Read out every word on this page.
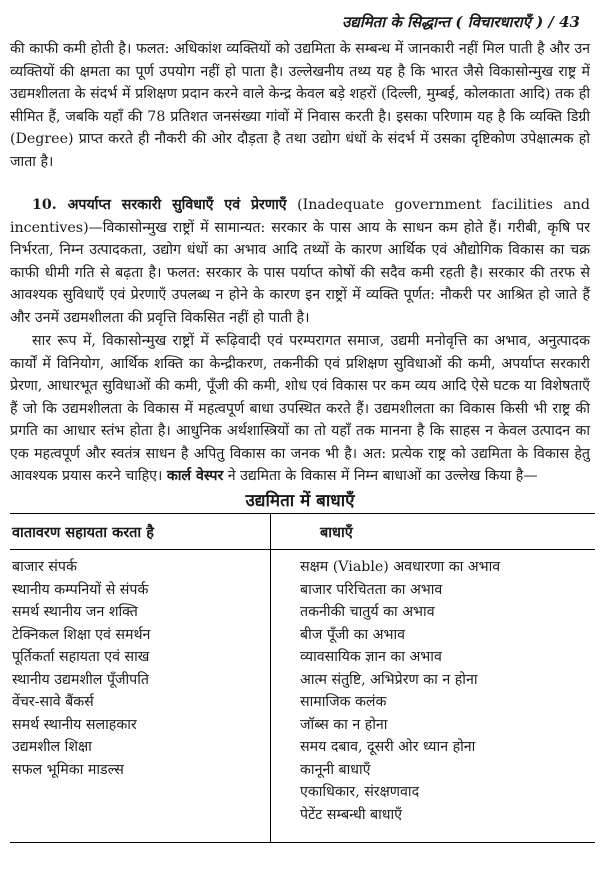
उद्यमिता के सिद्धान्त ( विचारधाराएँ ) / 43

की काफी कमी होती है। फलत: अधिकांश व्यक्तियों को उद्यमिता के सम्बन्ध में जानकारी नहीं मिल पाती है और उन व्यक्तियों की क्षमता का पूर्ण उपयोग नहीं हो पाता है। उल्लेखनीय तथ्य यह है कि भारत जैसे विकासोन्मुख राष्ट्र में उद्यमशीलता के संदर्भ में प्रशिक्षण प्रदान करने वाले केन्द्र केवल बड़े शहरों (दिल्ली, मुम्बई, कोलकाता आदि) तक ही सीमित हैं, जबकि यहाँ की 78 प्रतिशत जनसंख्या गांवों में निवास करती है। इसका परिणाम यह है कि व्यक्ति डिग्री (Degree) प्राप्त करते ही नौकरी की ओर दौड़ता है तथा उद्योग धंधों के संदर्भ में उसका दृष्टिकोण उपेक्षात्मक हो जाता है।

10. अपर्याप्त सरकारी सुविधाएँ एवं प्रेरणाएँ (Inadequate government facilities and incentives)—विकासोन्मुख राष्ट्रों में सामान्यत: सरकार के पास आय के साधन कम होते हैं। गरीबी, कृषि पर निर्भरता, निम्न उत्पादकता, उद्योग धंधों का अभाव आदि तथ्यों के कारण आर्थिक एवं औद्योगिक विकास का चक्र काफी धीमी गति से बढ़ता है। फलत: सरकार के पास पर्याप्त कोषों की सदैव कमी रहती है। सरकार की तरफ से आवश्यक सुविधाएँ एवं प्रेरणाएँ उपलब्ध न होने के कारण इन राष्ट्रों में व्यक्ति पूर्णत: नौकरी पर आश्रित हो जाते हैं और उनमें उद्यमशीलता की प्रवृत्ति विकसित नहीं हो पाती है।

सार रूप में, विकासोन्मुख राष्ट्रों में रूढ़िवादी एवं परम्परागत समाज, उद्यमी मनोवृत्ति का अभाव, अनुत्पादक कार्यों में विनियोग, आर्थिक शक्ति का केन्द्रीकरण, तकनीकी एवं प्रशिक्षण सुविधाओं की कमी, अपर्याप्त सरकारी प्रेरणा, आधारभूत सुविधाओं की कमी, पूँजी की कमी, शोध एवं विकास पर कम व्यय आदि ऐसे घटक या विशेषताएँ हैं जो कि उद्यमशीलता के विकास में महत्वपूर्ण बाधा उपस्थित करते हैं। उद्यमशीलता का विकास किसी भी राष्ट्र की प्रगति का आधार स्तंभ होता है। आधुनिक अर्थशास्त्रियों का तो यहाँ तक मानना है कि साहस न केवल उत्पादन का एक महत्वपूर्ण और स्वतंत्र साधन है अपितु विकास का जनक भी है। अत: प्रत्येक राष्ट्र को उद्यमिता के विकास हेतु आवश्यक प्रयास करने चाहिए। कार्ल वेस्पर ने उद्यमिता के विकास में निम्न बाधाओं का उल्लेख किया है—

उद्यमिता में बाधाएँ
वातावरण सहायता करता है	बाधाएँ
बाजार संपर्क
स्थानीय कम्पनियों से संपर्क
समर्थ स्थानीय जन शक्ति
टेक्निकल शिक्षा एवं समर्थन
पूर्तिकर्ता सहायता एवं साख
स्थानीय उद्यमशील पूँजीपति
वेंचर-सावे बैंकर्स
समर्थ स्थानीय सलाहकार
उद्यमशील शिक्षा
सफल भूमिका माडल्स
सक्षम (Viable) अवधारणा का अभाव
बाजार परिचितता का अभाव
तकनीकी चातुर्य का अभाव
बीज पूँजी का अभाव
व्यावसायिक ज्ञान का अभाव
आत्म संतुष्टि, अभिप्रेरण का न होना
सामाजिक कलंक
जॉब्स का न होना
समय दबाव, दूसरी ओर ध्यान होना
कानूनी बाधाएँ
एकाधिकार, संरक्षणवाद
पेटेंट सम्बन्धी बाधाएँ
